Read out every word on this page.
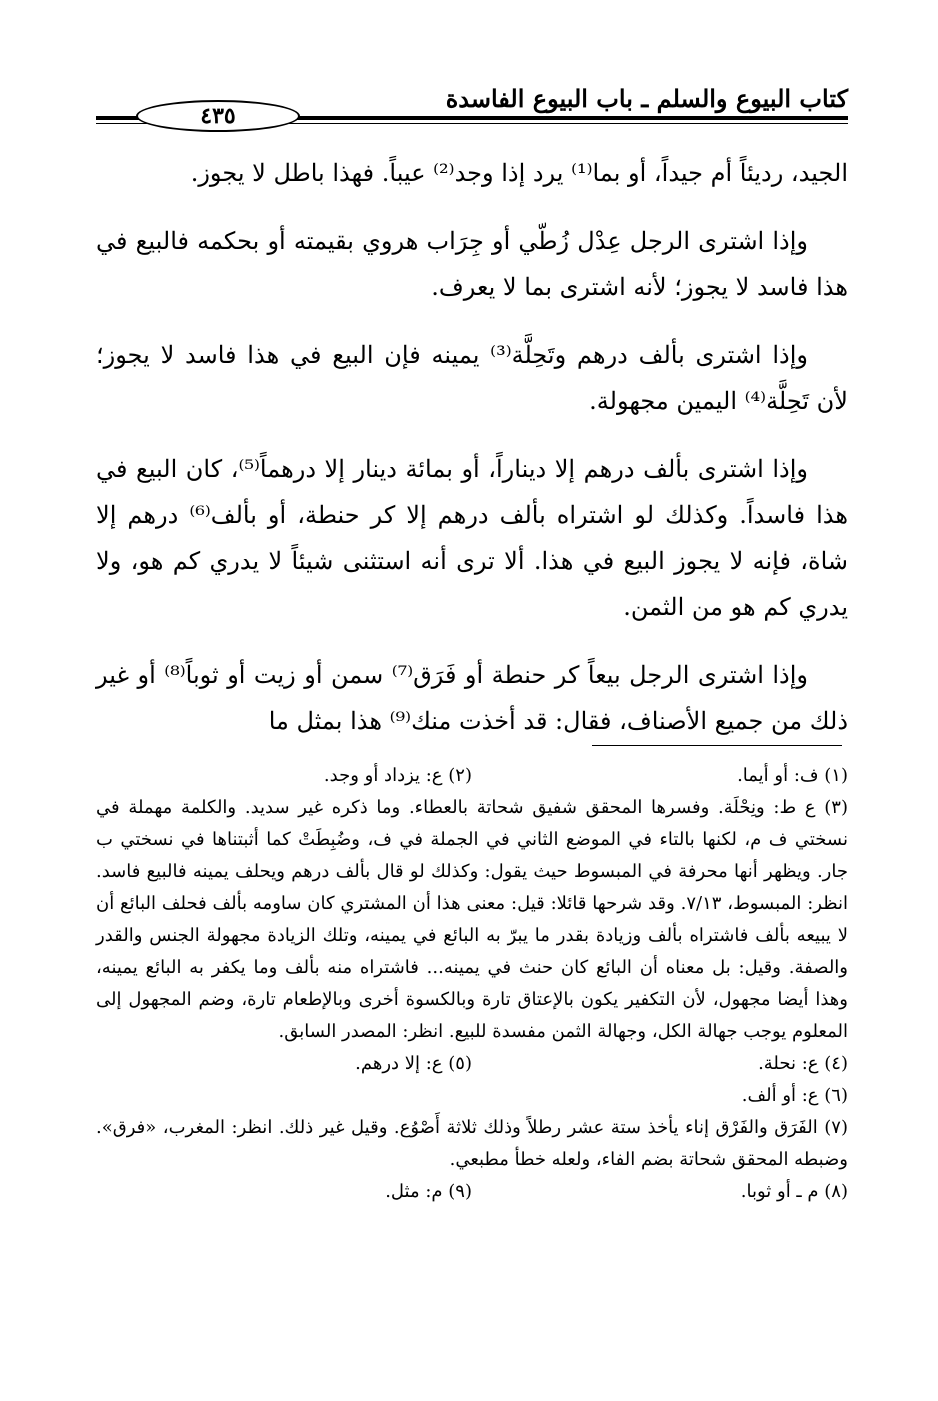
كتاب البيوع والسلم ـ باب البيوع الفاسدة
٤٣٥

الجيد، رديئاً أم جيداً، أو بما⁽¹⁾ يرد إذا وجد⁽²⁾ عيباً. فهذا باطل لا يجوز.

وإذا اشترى الرجل عِدْل زُطّي أو جِرَاب هروي بقيمته أو بحكمه فالبيع في هذا فاسد لا يجوز؛ لأنه اشترى بما لا يعرف.

وإذا اشترى بألف درهم وتَحِلَّة⁽³⁾ يمينه فإن البيع في هذا فاسد لا يجوز؛ لأن تَحِلَّة⁽⁴⁾ اليمين مجهولة.

وإذا اشترى بألف درهم إلا ديناراً، أو بمائة دينار إلا درهماً⁽⁵⁾، كان البيع في هذا فاسداً. وكذلك لو اشتراه بألف درهم إلا كر حنطة، أو بألف⁽⁶⁾ درهم إلا شاة، فإنه لا يجوز البيع في هذا. ألا ترى أنه استثنى شيئاً لا يدري كم هو، ولا يدري كم هو من الثمن.

وإذا اشترى الرجل بيعاً كر حنطة أو فَرَق⁽⁷⁾ سمن أو زيت أو ثوباً⁽⁸⁾ أو غير ذلك من جميع الأصناف، فقال: قد أخذت منك⁽⁹⁾ هذا بمثل ما

(١) ف: أو أيما.
(٢) ع: يزداد أو وجد.

(٣) ع ط: ونِحْلَة. وفسرها المحقق شفيق شحاتة بالعطاء. وما ذكره غير سديد. والكلمة مهملة في نسختي ف م، لكنها بالتاء في الموضع الثاني في الجملة في ف، وضُبِطَتْ كما أثبتناها في نسختي ب جار. ويظهر أنها محرفة في المبسوط حيث يقول: وكذلك لو قال بألف درهم ويحلف يمينه فالبيع فاسد. انظر: المبسوط، ٧/١٣. وقد شرحها قائلا: قيل: معنى هذا أن المشتري كان ساومه بألف فحلف البائع أن لا يبيعه بألف فاشتراه بألف وزيادة بقدر ما يبرّ به البائع في يمينه، وتلك الزيادة مجهولة الجنس والقدر والصفة. وقيل: بل معناه أن البائع كان حنث في يمينه... فاشتراه منه بألف وما يكفر به البائع يمينه، وهذا أيضا مجهول، لأن التكفير يكون بالإعتاق تارة وبالكسوة أخرى وبالإطعام تارة، وضم المجهول إلى المعلوم يوجب جهالة الكل، وجهالة الثمن مفسدة للبيع. انظر: المصدر السابق.

(٤) ع: نحلة.
(٥) ع: إلا درهم.
(٦) ع: أو ألف.

(٧) الفَرَق والفَرْق إناء يأخذ ستة عشر رطلاً وذلك ثلاثة أَصْوُع. وقيل غير ذلك. انظر: المغرب، «فرق». وضبطه المحقق شحاتة بضم الفاء، ولعله خطأ مطبعي.

(٨) م ـ أو ثوبا.
(٩) م: مثل.
